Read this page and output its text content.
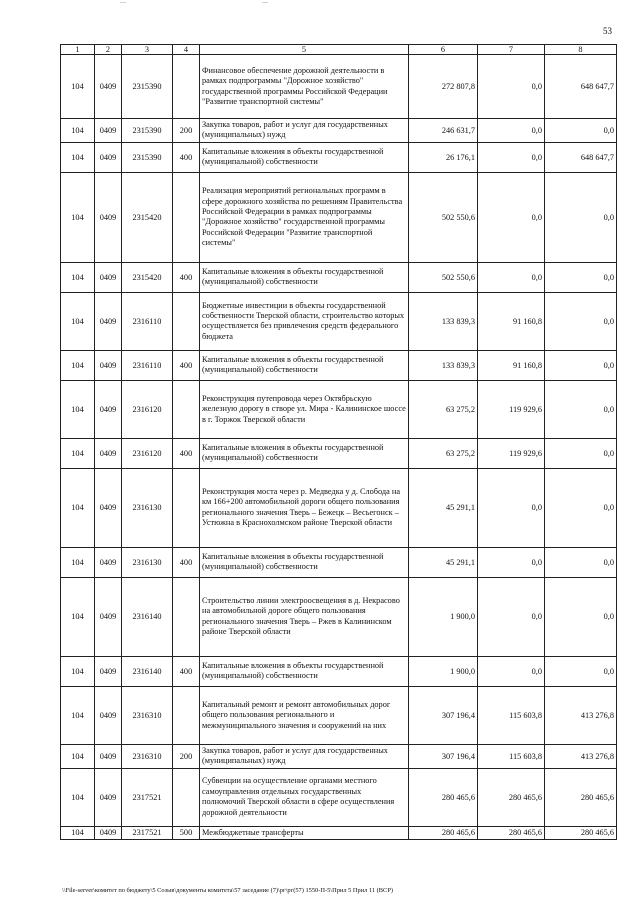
—	—
53
1	2	3	4	5	6	7	8
104	0409	2315390		Финансовое обеспечение дорожной деятельности в рамках подпрограммы "Дорожное хозяйство" государственной программы Российской Федерации "Развитие транспортной системы"	272 807,8	0,0	648 647,7
104	0409	2315390	200	Закупка товаров, работ и услуг для государственных (муниципальных) нужд	246 631,7	0,0	0,0
104	0409	2315390	400	Капитальные вложения в объекты государственной (муниципальной) собственности	26 176,1	0,0	648 647,7
104	0409	2315420		Реализация мероприятий региональных программ в сфере дорожного хозяйства по решениям Правительства Российской Федерации в рамках подпрограммы "Дорожное хозяйство" государственной программы Российской Федерации "Развитие транспортной системы"	502 550,6	0,0	0,0
104	0409	2315420	400	Капитальные вложения в объекты государственной (муниципальной) собственности	502 550,6	0,0	0,0
104	0409	2316110		Бюджетные инвестиции в объекты государственной собственности Тверской области, строительство которых осуществляется без привлечения средств федерального бюджета	133 839,3	91 160,8	0,0
104	0409	2316110	400	Капитальные вложения в объекты государственной (муниципальной) собственности	133 839,3	91 160,8	0,0
104	0409	2316120		Реконструкция путепровода через Октябрьскую железную дорогу в створе ул. Мира - Калининское шоссе в г. Торжок Тверской области	63 275,2	119 929,6	0,0
104	0409	2316120	400	Капитальные вложения в объекты государственной (муниципальной) собственности	63 275,2	119 929,6	0,0
104	0409	2316130		Реконструкция моста через р. Медведка у д. Слобода на км 166+200 автомобильной дороги общего пользования регионального значения Тверь – Бежецк – Весьегонск – Устюжна в Краснохолмском районе Тверской области	45 291,1	0,0	0,0
104	0409	2316130	400	Капитальные вложения в объекты государственной (муниципальной) собственности	45 291,1	0,0	0,0
104	0409	2316140		Строительство линии электроосвещения в д. Некрасово на автомобильной дороге общего пользования регионального значения Тверь – Ржев в Калининском районе Тверской области	1 900,0	0,0	0,0
104	0409	2316140	400	Капитальные вложения в объекты государственной (муниципальной) собственности	1 900,0	0,0	0,0
104	0409	2316310		Капитальный ремонт и ремонт автомобильных дорог общего пользования регионального и межмуниципального значения и сооружений на них	307 196,4	115 603,8	413 276,8
104	0409	2316310	200	Закупка товаров, работ и услуг для государственных (муниципальных) нужд	307 196,4	115 603,8	413 276,8
104	0409	2317521		Субвенции на осуществление органами местного самоуправления отдельных государственных полномочий Тверской области в сфере осуществления дорожной деятельности	280 465,6	280 465,6	280 465,6
104	0409	2317521	500	Межбюджетные трансферты	280 465,6	280 465,6	280 465,6
\\File-server\комитет по бюджету\5 Созыв\документы комитета\57 заседание (7)\рг\рг(57) 1550-П-5\Прил 5 Прил 11 (ВСР)
